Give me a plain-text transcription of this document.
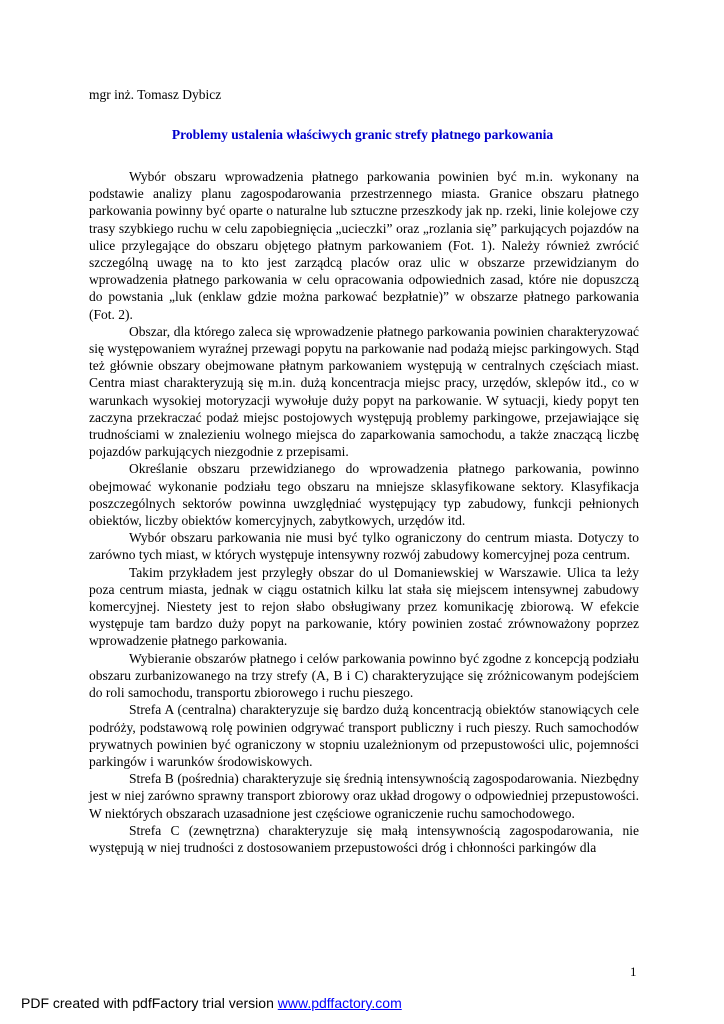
mgr inż. Tomasz Dybicz
Problemy ustalenia właściwych granic strefy płatnego parkowania

Wybór obszaru wprowadzenia płatnego parkowania powinien być m.in. wykonany na podstawie analizy planu zagospodarowania przestrzennego miasta. Granice obszaru płatnego parkowania powinny być oparte o naturalne lub sztuczne przeszkody jak np. rzeki, linie kolejowe czy trasy szybkiego ruchu w celu zapobiegnięcia „ucieczki” oraz „rozlania się” parkujących pojazdów na ulice przylegające do obszaru objętego płatnym parkowaniem (Fot. 1). Należy również zwrócić szczególną uwagę na to kto jest zarządcą placów oraz ulic w obszarze przewidzianym do wprowadzenia płatnego parkowania w celu opracowania odpowiednich zasad, które nie dopuszczą do powstania „luk (enklaw gdzie można parkować bezpłatnie)” w obszarze płatnego parkowania (Fot. 2).

Obszar, dla którego zaleca się wprowadzenie płatnego parkowania powinien charakteryzować się występowaniem wyraźnej przewagi popytu na parkowanie nad podażą miejsc parkingowych. Stąd też głównie obszary obejmowane płatnym parkowaniem występują w centralnych częściach miast. Centra miast charakteryzują się m.in. dużą koncentracja miejsc pracy, urzędów, sklepów itd., co w warunkach wysokiej motoryzacji wywołuje duży popyt na parkowanie. W sytuacji, kiedy popyt ten zaczyna przekraczać podaż miejsc postojowych występują problemy parkingowe, przejawiające się trudnościami w znalezieniu wolnego miejsca do zaparkowania samochodu, a także znaczącą liczbę pojazdów parkujących niezgodnie z przepisami.

Określanie obszaru przewidzianego do wprowadzenia płatnego parkowania, powinno obejmować wykonanie podziału tego obszaru na mniejsze sklasyfikowane sektory. Klasyfikacja poszczególnych sektorów powinna uwzględniać występujący typ zabudowy, funkcji pełnionych obiektów, liczby obiektów komercyjnych, zabytkowych, urzędów itd.

Wybór obszaru parkowania nie musi być tylko ograniczony do centrum miasta. Dotyczy to zarówno tych miast, w których występuje intensywny rozwój zabudowy komercyjnej poza centrum.

Takim przykładem jest przyległy obszar do ul Domaniewskiej w Warszawie. Ulica ta leży poza centrum miasta, jednak w ciągu ostatnich kilku lat stała się miejscem intensywnej zabudowy komercyjnej. Niestety jest to rejon słabo obsługiwany przez komunikację zbiorową. W efekcie występuje tam bardzo duży popyt na parkowanie, który powinien zostać zrównoważony poprzez wprowadzenie płatnego parkowania.

Wybieranie obszarów płatnego i celów parkowania powinno być zgodne z koncepcją podziału obszaru zurbanizowanego na trzy strefy (A, B i C) charakteryzujące się zróżnicowanym podejściem do roli samochodu, transportu zbiorowego i ruchu pieszego.

Strefa A (centralna) charakteryzuje się bardzo dużą koncentracją obiektów stanowiących cele podróży, podstawową rolę powinien odgrywać transport publiczny i ruch pieszy. Ruch samochodów prywatnych powinien być ograniczony w stopniu uzależnionym od przepustowości ulic, pojemności parkingów i warunków środowiskowych.

Strefa B (pośrednia) charakteryzuje się średnią intensywnością zagospodarowania. Niezbędny jest w niej zarówno sprawny transport zbiorowy oraz układ drogowy o odpowiedniej przepustowości. W niektórych obszarach uzasadnione jest częściowe ograniczenie ruchu samochodowego.

Strefa C (zewnętrzna) charakteryzuje się małą intensywnością zagospodarowania, nie występują w niej trudności z dostosowaniem przepustowości dróg i chłonności parkingów dla

1
PDF created with pdfFactory trial version www.pdffactory.com
